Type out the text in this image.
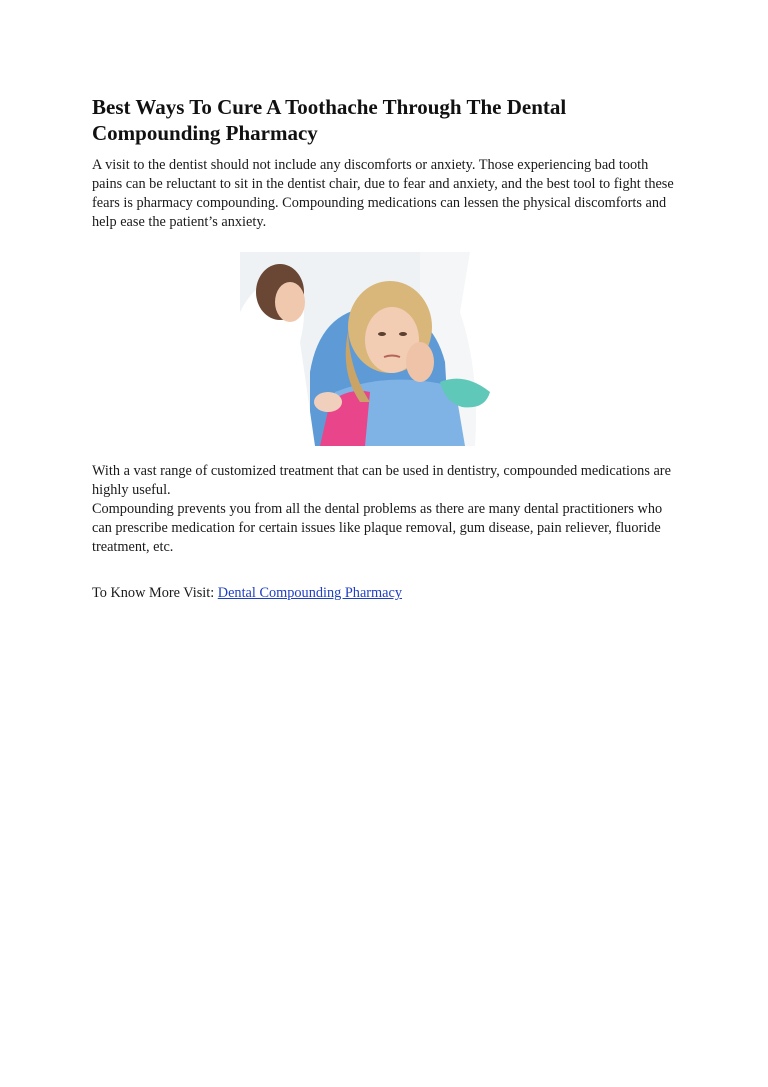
Best Ways To Cure A Toothache Through The Dental Compounding Pharmacy

A visit to the dentist should not include any discomforts or anxiety. Those experiencing bad tooth pains can be reluctant to sit in the dentist chair, due to fear and anxiety, and the best tool to fight these fears is pharmacy compounding. Compounding medications can lessen the physical discomforts and help ease the patient’s anxiety.

With a vast range of customized treatment that can be used in dentistry, compounded medications are highly useful.
Compounding prevents you from all the dental problems as there are many dental practitioners who can prescribe medication for certain issues like plaque removal, gum disease, pain reliever, fluoride treatment, etc.

To Know More Visit: Dental Compounding Pharmacy
